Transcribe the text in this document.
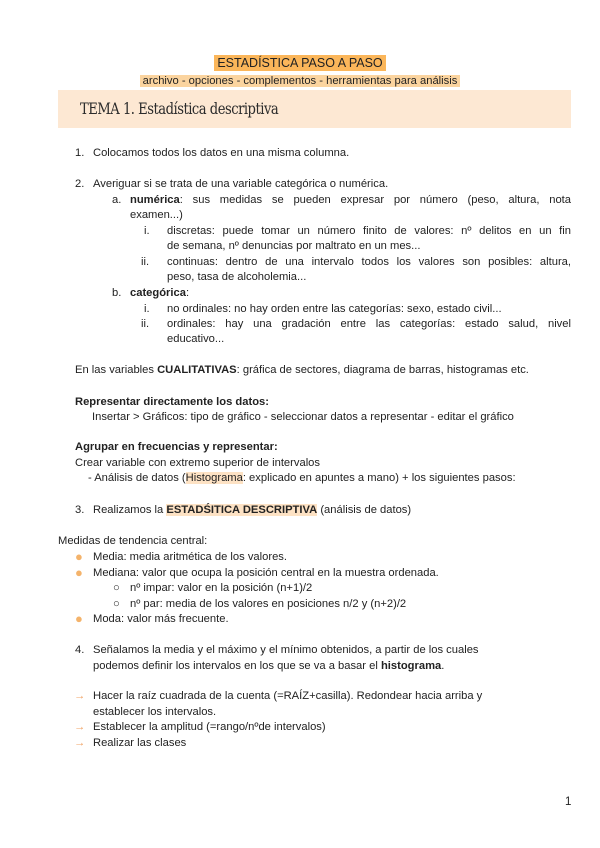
ESTADÍSTICA PASO A PASO
archivo - opciones - complementos - herramientas para análisis
TEMA 1. Estadística descriptiva
1. Colocamos todos los datos en una misma columna.
2. Averiguar si se trata de una variable categórica o numérica.
a. numérica: sus medidas se pueden expresar por número (peso, altura, nota
examen...)
i. discretas: puede tomar un número finito de valores: nº delitos en un fin
de semana, nº denuncias por maltrato en un mes...
ii. continuas: dentro de una intervalo todos los valores son posibles: altura,
peso, tasa de alcoholemia...
b. categórica:
i. no ordinales: no hay orden entre las categorías: sexo, estado civil...
ii. ordinales: hay una gradación entre las categorías: estado salud, nivel
educativo...
En las variables CUALITATIVAS: gráfica de sectores, diagrama de barras, histogramas etc.
Representar directamente los datos:
Insertar > Gráficos: tipo de gráfico - seleccionar datos a representar - editar el gráfico
Agrupar en frecuencias y representar:
Crear variable con extremo superior de intervalos
- Análisis de datos (Histograma: explicado en apuntes a mano) + los siguientes pasos:
3. Realizamos la ESTADŚITICA DESCRIPTIVA (análisis de datos)
Medidas de tendencia central:
● Media: media aritmética de los valores.
● Mediana: valor que ocupa la posición central en la muestra ordenada.
○ nº impar: valor en la posición (n+1)/2
○ nº par: media de los valores en posiciones n/2 y (n+2)/2
● Moda: valor más frecuente.
4. Señalamos la media y el máximo y el mínimo obtenidos, a partir de los cuales
podemos definir los intervalos en los que se va a basar el histograma.
→ Hacer la raíz cuadrada de la cuenta (=RAÍZ+casilla). Redondear hacia arriba y
establecer los intervalos.
→ Establecer la amplitud (=rango/nºde intervalos)
→ Realizar las clases
1
